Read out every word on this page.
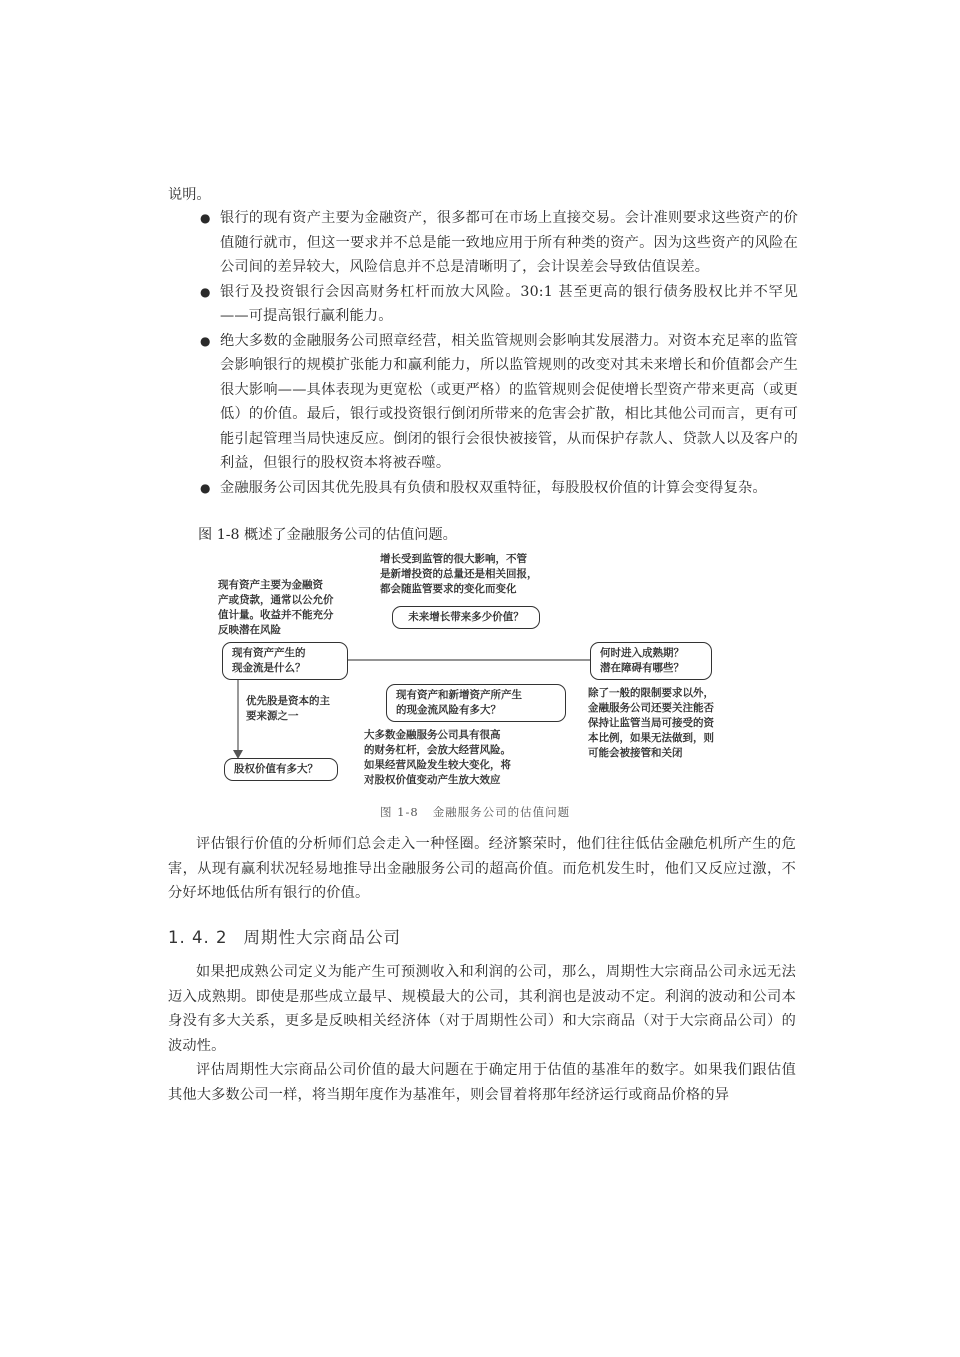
说明。
● 银行的现有资产主要为金融资产，很多都可在市场上直接交易。会计准则要求这些资产的价值随行就市，但这一要求并不总是能一致地应用于所有种类的资产。因为这些资产的风险在公司间的差异较大，风险信息并不总是清晰明了，会计误差会导致估值误差。
● 银行及投资银行会因高财务杠杆而放大风险。30:1 甚至更高的银行债务股权比并不罕见——可提高银行赢利能力。
● 绝大多数的金融服务公司照章经营，相关监管规则会影响其发展潜力。对资本充足率的监管会影响银行的规模扩张能力和赢利能力，所以监管规则的改变对其未来增长和价值都会产生很大影响——具体表现为更宽松（或更严格）的监管规则会促使增长型资产带来更高（或更低）的价值。最后，银行或投资银行倒闭所带来的危害会扩散，相比其他公司而言，更有可能引起管理当局快速反应。倒闭的银行会很快被接管，从而保护存款人、贷款人以及客户的利益，但银行的股权资本将被吞噬。
● 金融服务公司因其优先股具有负债和股权双重特征，每股股权价值的计算会变得复杂。
图 1-8 概述了金融服务公司的估值问题。
现有资产主要为金融资
产或贷款，通常以公允价
值计量。收益并不能充分
反映潜在风险
现有资产产生的
现金流是什么？
优先股是资本的主
要来源之一
股权价值有多大？
增长受到监管的很大影响，不管
是新增投资的总量还是相关回报，
都会随监管要求的变化而变化
未来增长带来多少价值？
现有资产和新增资产所产生
的现金流风险有多大？
大多数金融服务公司具有很高
的财务杠杆，会放大经营风险。
如果经营风险发生较大变化，将
对股权价值变动产生放大效应
何时进入成熟期？
潜在障碍有哪些？
除了一般的限制要求以外，
金融服务公司还要关注能否
保持让监管当局可接受的资
本比例，如果无法做到，则
可能会被接管和关闭
图 1-8 金融服务公司的估值问题

评估银行价值的分析师们总会走入一种怪圈。经济繁荣时，他们往往低估金融危机所产生的危害，从现有赢利状况轻易地推导出金融服务公司的超高价值。而危机发生时，他们又反应过激，不分好坏地低估所有银行的价值。

1. 4. 2 周期性大宗商品公司

如果把成熟公司定义为能产生可预测收入和利润的公司，那么，周期性大宗商品公司永远无法迈入成熟期。即使是那些成立最早、规模最大的公司，其利润也是波动不定。利润的波动和公司本身没有多大关系，更多是反映相关经济体（对于周期性公司）和大宗商品（对于大宗商品公司）的波动性。

评估周期性大宗商品公司价值的最大问题在于确定用于估值的基准年的数字。如果我们跟估值其他大多数公司一样，将当期年度作为基准年，则会冒着将那年经济运行或商品价格的异
